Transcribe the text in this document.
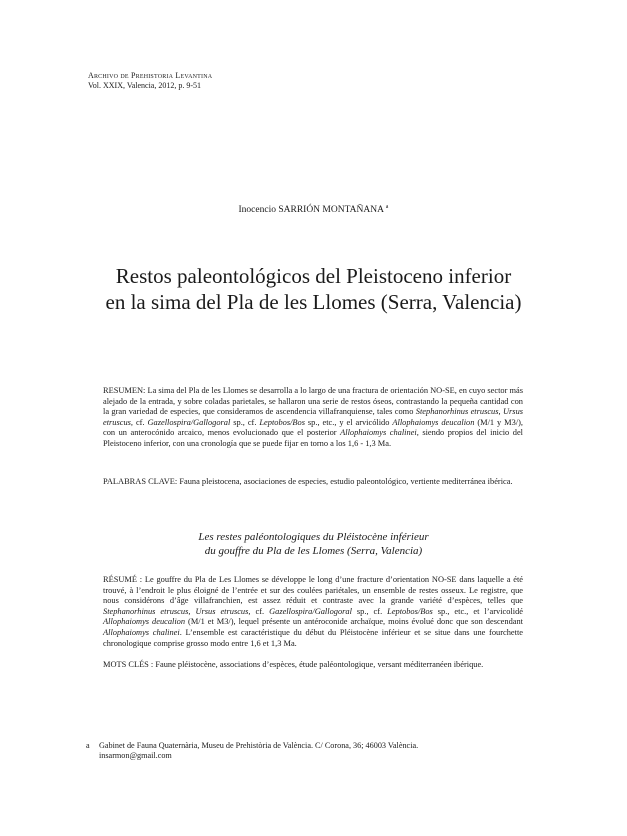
Archivo de Prehistoria Levantina
Vol. XXIX, Valencia, 2012, p. 9-51
Inocencio SARRIÓN MONTAÑANA $^a$
Restos paleontológicos del Pleistoceno inferior
en la sima del Pla de les Llomes (Serra, Valencia)
RESUMEN: La sima del Pla de les Llomes se desarrolla a lo largo de una fractura de orientación NO-SE, en cuyo sector más alejado de la entrada, y sobre coladas parietales, se hallaron una serie de restos óseos, contrastando la pequeña cantidad con la gran variedad de especies, que consideramos de ascendencia villafranquiense, tales como Stephanorhinus etruscus, Ursus etruscus, cf. Gazellospira/Gallogoral sp., cf. Leptobos/Bos sp., etc., y el arvicólido Allophaiomys deucalion (M/1 y M3/), con un anterocónido arcaico, menos evolucionado que el posterior Allophaiomys chalinei, siendo propios del inicio del Pleistoceno inferior, con una cronología que se puede fijar en torno a los 1,6 - 1,3 Ma.
PALABRAS CLAVE: Fauna pleistocena, asociaciones de especies, estudio paleontológico, vertiente mediterránea ibérica.
Les restes paléontologiques du Pléistocène inférieur
du gouffre du Pla de les Llomes (Serra, Valencia)
RÉSUMÉ : Le gouffre du Pla de Les Llomes se développe le long d’une fracture d’orientation NO-SE dans laquelle a été trouvé, à l’endroit le plus éloigné de l’entrée et sur des coulées pariétales, un ensemble de restes osseux. Le registre, que nous considérons d’âge villafranchien, est assez réduit et contraste avec la grande variété d’espèces, telles que Stephanorhinus etruscus, Ursus etruscus, cf. Gazellospira/Gallogoral sp., cf. Leptobos/Bos sp., etc., et l’arvicolidé Allophaiomys deucalion (M/1 et M3/), lequel présente un antéroconide archaïque, moins évolué donc que son descendant Allophaiomys chalinei. L’ensemble est caractéristique du début du Pléistocène inférieur et se situe dans une fourchette chronologique comprise grosso modo entre 1,6 et 1,3 Ma.
MOTS CLÉS : Faune pléistocène, associations d’espèces, étude paléontologique, versant méditerranéen ibérique.
a Gabinet de Fauna Quaternària, Museu de Prehistòria de València. C/ Corona, 36; 46003 València.
insarmon@gmail.com
